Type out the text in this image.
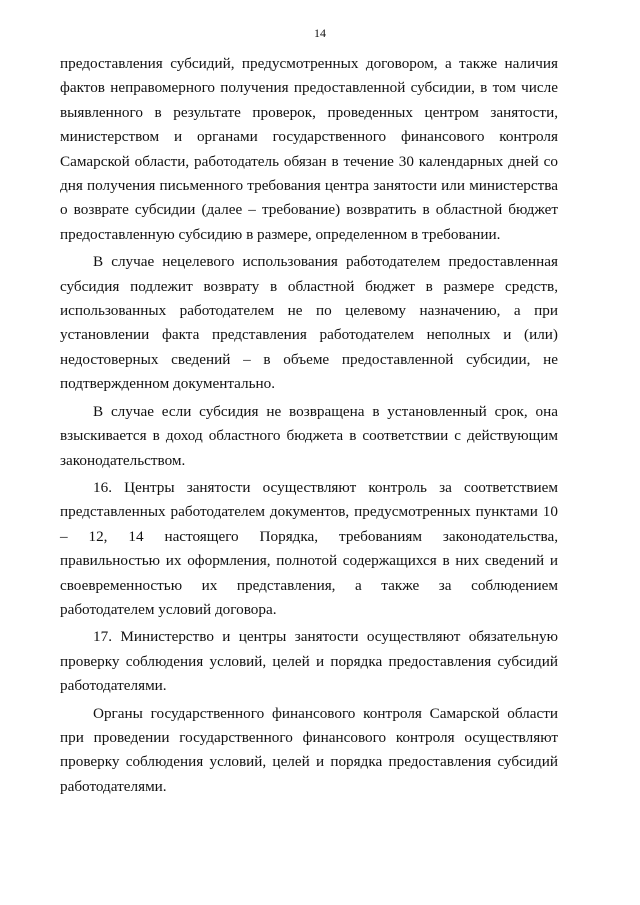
14

предоставления субсидий, предусмотренных договором, а также наличия фактов неправомерного получения предоставленной субсидии, в том числе выявленного в результате проверок, проведенных центром занятости, министерством и органами государственного финансового контроля Самарской области, работодатель обязан в течение 30 календарных дней со дня получения письменного требования центра занятости или министерства о возврате субсидии (далее – требование) возвратить в областной бюджет предоставленную субсидию в размере, определенном в требовании.

В случае нецелевого использования работодателем предоставленная субсидия подлежит возврату в областной бюджет в размере средств, использованных работодателем не по целевому назначению, а при установлении факта представления работодателем неполных и (или) недостоверных сведений – в объеме предоставленной субсидии, не подтвержденном документально.

В случае если субсидия не возвращена в установленный срок, она взыскивается в доход областного бюджета в соответствии с действующим законодательством.

16. Центры занятости осуществляют контроль за соответствием представленных работодателем документов, предусмотренных пунктами 10 – 12, 14 настоящего Порядка, требованиям законодательства, правильностью их оформления, полнотой содержащихся в них сведений и своевременностью их представления, а также за соблюдением работодателем условий договора.

17. Министерство и центры занятости осуществляют обязательную проверку соблюдения условий, целей и порядка предоставления субсидий работодателями.

Органы государственного финансового контроля Самарской области при проведении государственного финансового контроля осуществляют проверку соблюдения условий, целей и порядка предоставления субсидий работодателями.
